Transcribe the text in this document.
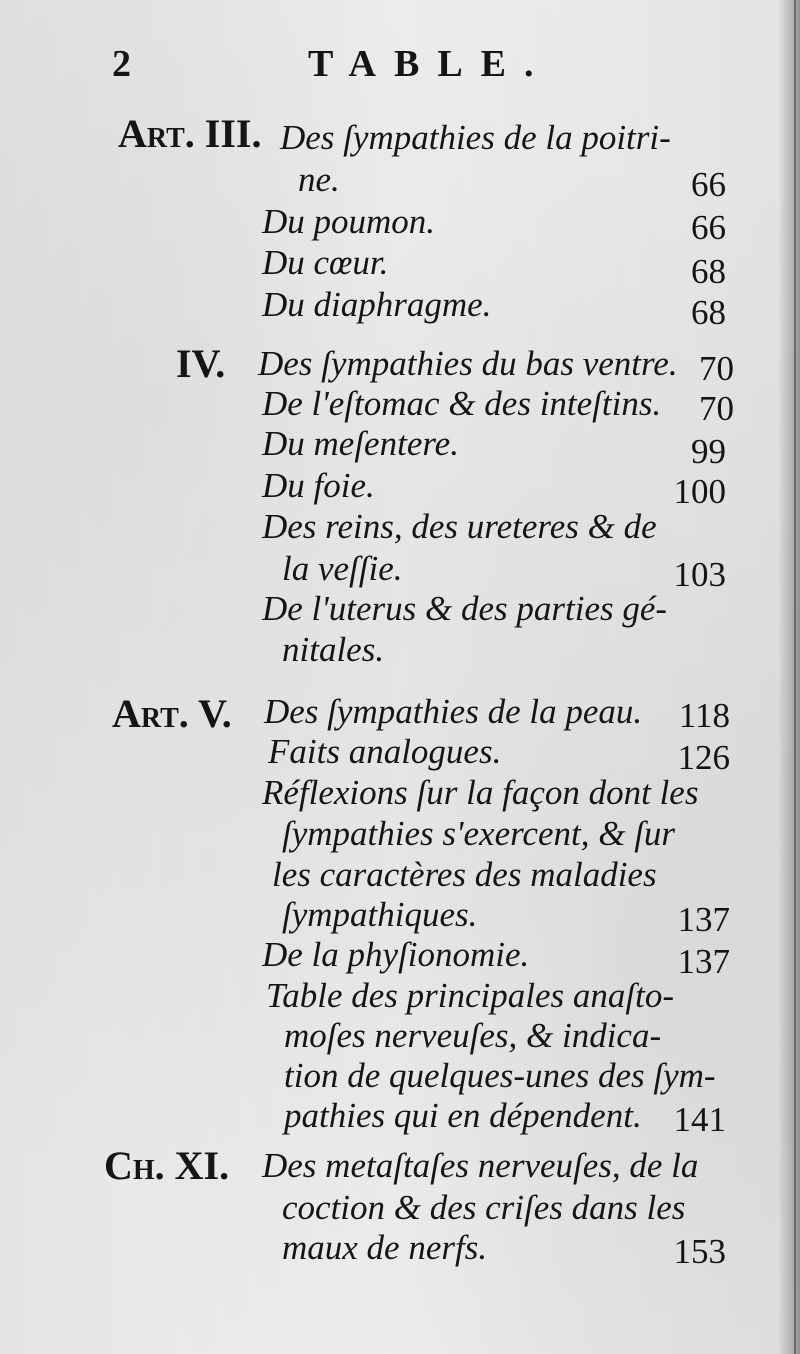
2	TABLE.
Art. III. Des ſympathies de la poitri-
ne.	66
Du poumon.	66
Du cœur.	68
Du diaphragme.	68
IV. Des ſympathies du bas ventre. 70
De l'eſtomac & des inteſtins. 70
Du meſentere.	99
Du foie.	100
Des reins, des ureteres & de
la veſſie.	103
De l'uterus & des parties gé-
nitales.
Art. V. Des ſympathies de la peau. 118
Faits analogues.	126
Réflexions ſur la façon dont les
ſympathies s'exercent, & ſur
les caractères des maladies
ſympathiques.	137
De la phyſionomie.	137
Table des principales anaſto-
moſes nerveuſes, & indica-
tion de quelques-unes des ſym-
pathies qui en dépendent. 141
Ch. XI. Des metaſtaſes nerveuſes, de la
coction & des criſes dans les
maux de nerfs.	153
